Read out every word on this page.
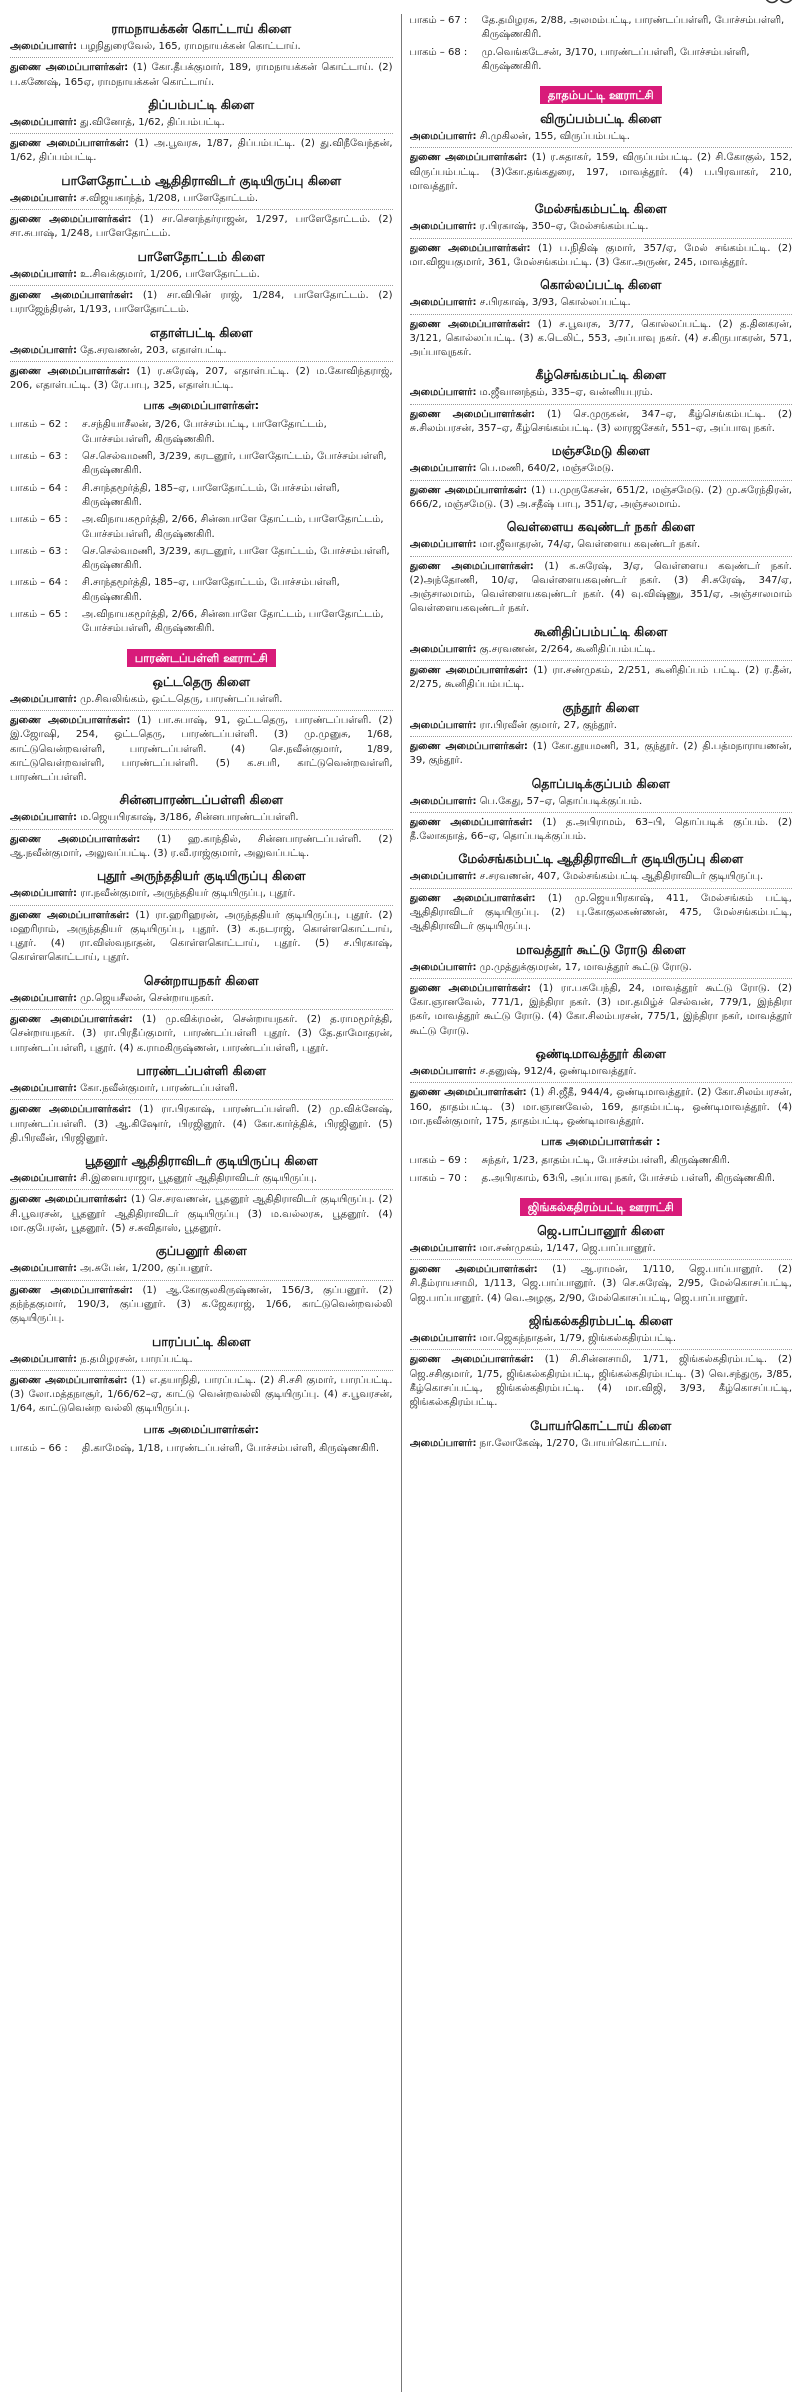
ராமநாயக்கன் கொட்டாய் கிளை

அமைப்பாளர்: பழநிதுரைவேல், 165, ராமநாயக்கன் கொட்டாய்.

துணை அமைப்பாளர்கள்: (1) கோ.தீபக்குமார், 189, ராமநாயக்கன் கொட்டாய். (2) ப.கணேஷ், 165ஏ, ராமநாயக்கன் கொட்டாய்.

திப்பம்பட்டி கிளை

அமைப்பாளர்: து.வினோத், 1/62, திப்பம்பட்டி.

துணை அமைப்பாளர்கள்: (1) அ.பூவரசு, 1/87, திப்பம்பட்டி. (2) து.விநீவேந்தன், 1/62, திப்பம்பட்டி.

பாளேதோட்டம் ஆதிதிராவிடர் குடியிருப்பு கிளை

அமைப்பாளர்: ச.விஜயகாந்த், 1/208, பாளேதோட்டம்.

துணை அமைப்பாளர்கள்: (1) சா.சௌந்தர்ராஜன், 1/297, பாளேதோட்டம். (2) சா.சுபாஷ், 1/248, பாளேதோட்டம்.

பாளேதோட்டம் கிளை

அமைப்பாளர்: உ.சிவக்குமார், 1/206, பாளேதோட்டம்.

துணை அமைப்பாளர்கள்: (1) சா.விபின் ராஜ், 1/284, பாளேதோட்டம். (2) பராஜேந்திரன், 1/193, பாளேதோட்டம்.

எதாள்பட்டி கிளை

அமைப்பாளர்: தே.சரவணன், 203, எதாள்பட்டி.

துணை அமைப்பாளர்கள்: (1) ர.சுரேஷ், 207, எதாள்பட்டி. (2) ம.கோவிந்தராஜ், 206, எதாள்பட்டி. (3) ரே.பாபு, 325, எதாள்பட்டி.

பாக அமைப்பாளர்கள்:
பாகம் – 62 :	ச.சந்தியாசீலன், 3/26, போச்சம்பட்டி, பாளேதோட்டம், போச்சம்பள்ளி, கிருஷ்ணகிரி.
பாகம் – 63 :	செ.செல்வமணி, 3/239, கரடனூர், பாளேதோட்டம், போச்சம்பள்ளி, கிருஷ்ணகிரி.
பாகம் – 64 :	சி.சாந்தமூர்த்தி, 185–ஏ, பாளேதோட்டம், போச்சம்பள்ளி, கிருஷ்ணகிரி.
பாகம் – 65 :	அ.விநாயகமூர்த்தி, 2/66, சின்னபாளே தோட்டம், பாளேதோட்டம், போச்சம்பள்ளி, கிருஷ்ணகிரி.
பாகம் – 63 :	செ.செல்வமணி, 3/239, கரடனூர், பாளே தோட்டம், போச்சம்பள்ளி, கிருஷ்ணகிரி.
பாகம் – 64 :	சி.சாந்தமூர்த்தி, 185–ஏ, பாளேதோட்டம், போச்சம்பள்ளி, கிருஷ்ணகிரி.
பாகம் – 65 :	அ.விநாயகமூர்த்தி, 2/66, சின்னபாளே தோட்டம், பாளேதோட்டம், போச்சம்பள்ளி, கிருஷ்ணகிரி.
பாரண்டப்பள்ளி ஊராட்சி
ஒட்டதெரு கிளை

அமைப்பாளர்: மு.சிவலிங்கம், ஒட்டதெரு, பாரண்டப்பள்ளி.

துணை அமைப்பாளர்கள்: (1) பா.சுபாஷ், 91, ஒட்டதெரு, பாரண்டப்பள்ளி. (2) இ.ஜோஷி, 254, ஒட்டதெரு, பாரண்டப்பள்ளி. (3) மு.முனுசு, 1/68, காட்டுவென்றவள்ளி, பாரண்டப்பள்ளி. (4) செ.நவீன்குமார், 1/89, காட்டுவெள்றவள்ளி, பாரண்டப்பள்ளி. (5) க.சபரி, காட்டுவென்றவள்ளி, பாரண்டப்பள்ளி.

சின்னபாரண்டப்பள்ளி கிளை

அமைப்பாளர்: ம.ஜெயபிரகாஷ், 3/186, சின்னபாரண்டப்பள்ளி.

துணை அமைப்பாளர்கள்: (1) ஹ.காந்தில், சின்னபாரண்டப்பள்ளி. (2) ஆ.நவீன்குமார், அலுவப்பட்டி. (3) ர.வீ.ராஜ்குமார், அலுவப்பட்டி.

புதூர் அருந்ததியர் குடியிருப்பு கிளை

அமைப்பாளர்: ரா.நவீன்குமார், அருந்ததியர் குடியிருப்பு, புதூர்.

துணை அமைப்பாளர்கள்: (1) ரா.ஹரிஹரன், அருந்ததியர் குடியிருப்பு, புதூர். (2) மஹரிராம், அருந்ததியர் குடியிருப்பு, புதூர். (3) க.நடராஜ், கொள்ளகொட்டாய், புதூர். (4) ரா.விஸ்வநாதன், கொள்ளகொட்டாய், புதூர். (5) ச.பிரகாஷ், கொள்ளகொட்டாய், புதூர்.

சென்றாயநகர் கிளை

அமைப்பாளர்: மு.ஜெயசீலன், சென்றாயநகர்.

துணை அமைப்பாளர்கள்: (1) மு.விக்ரமன், சென்றாயநகர். (2) த.ராமமூர்த்தி, சென்றாயநகர். (3) ரா.பிரதீப்குமார், பாரண்டப்பள்ளி புதூர். (3) தே.தாமோதரன், பாரண்டப்பள்ளி, புதூர். (4) க.ராமகிருஷ்ணன், பாரண்டப்பள்ளி, புதூர்.

பாரண்டப்பள்ளி கிளை

அமைப்பாளர்: கோ.நவீன்குமார், பாரண்டப்பள்ளி.

துணை அமைப்பாளர்கள்: (1) ரா.பிரகாஷ், பாரண்டப்பள்ளி. (2) மு.விக்னேஷ், பாரண்டப்பள்ளி. (3) ஆ.கிஷோர், பிரஜினூர். (4) கோ.கார்த்திக், பிரஜினூர். (5) தி.பிரவீன், பிரஜினூர்.

பூதனூர் ஆதிதிராவிடர் குடியிருப்பு கிளை

அமைப்பாளர்: சி.இளையராஜா, பூதனூர் ஆதிதிராவிடர் குடியிருப்பு.

துணை அமைப்பாளர்கள்: (1) செ.சரவணன், பூதனூர் ஆதிதிராவிடர் குடியிருப்பு. (2) சி.பூவரசன், பூதனூர் ஆதிதிராவிடர் குடியிருப்பு (3) ம.வல்லரசு, பூதனூர். (4) மா.குபேரன், பூதனூர். (5) ச.சுவிதாஸ், பூதனூர்.

குப்பனூர் கிளை

அமைப்பாளர்: அ.சுபேன், 1/200, குப்பனூர்.

துணை அமைப்பாளர்கள்: (1) ஆ.கோகுலகிருஷ்ணன், 156/3, குப்பனூர். (2) தந்ந்தகுமார், 190/3, குப்பனூர். (3) க.ஜேகராஜ், 1/66, காட்டுவென்றவல்லி குடியிருப்பு.

பாரப்பட்டி கிளை

அமைப்பாளர்: ந.தமிழரசன், பாரப்பட்டி.

துணை அமைப்பாளர்கள்: (1) எ.தயாநிதி, பாரப்பட்டி. (2) சி.சசி குமார், பாரப்பட்டி. (3) லோ.மத்தநாசூர், 1/66/62–ஏ, காட்டு வென்றவல்லி குடியிருப்பு. (4) ச.பூவரசன், 1/64, காட்டுவென்ற வல்லி குடியிருப்பு.

பாக அமைப்பாளர்கள்:
பாகம் – 66 :	தி.காமேஷ், 1/18, பாரண்டப்பள்ளி, போச்சம்பள்ளி, கிருஷ்ணகிரி.
பாகம் – 67 :	தே.தமிழரசு, 2/88, அலமம்பட்டி, பாரண்டப்பள்ளி, போச்சம்பள்ளி, கிருஷ்ணகிரி.
பாகம் – 68 :	மு.வெங்கடேசன், 3/170, பாரண்டப்பள்ளி, போச்சம்பள்ளி, கிருஷ்ணகிரி.
தாதம்பட்டி ஊராட்சி
விருப்பம்பட்டி கிளை

அமைப்பாளர்: சி.முகிலன், 155, விருப்பம்பட்டி.

துணை அமைப்பாளர்கள்: (1) ர.சுதாகர், 159, விருப்பம்பட்டி. (2) சி.கோகுல், 152, விருப்பம்பட்டி. (3)கோ.தங்கதுரை, 197, மாவத்தூர். (4) ப.பிரவாகர், 210, மாவத்தூர்.

மேல்சங்கம்பட்டி கிளை

அமைப்பாளர்: ர.பிரகாஷ், 350–ஏ, மேல்சங்கம்பட்டி.

துணை அமைப்பாளர்கள்: (1) ப.நிதிஷ் குமார், 357/ஏ, மேல் சங்கம்பட்டி. (2) மா.விஜயகுமார், 361, மேல்சங்கம்பட்டி. (3) கோ.அருண், 245, மாவத்தூர்.

கொல்லப்பட்டி கிளை

அமைப்பாளர்: ச.பிரகாஷ், 3/93, கொல்லப்பட்டி.

துணை அமைப்பாளர்கள்: (1) ச.பூவரசு, 3/77, கொல்லப்பட்டி. (2) த.தினகரன், 3/121, கொல்லப்பட்டி. (3) க.டெலிட், 553, அப்பாவு நகர். (4) ச.கிருபாகரன், 571, அப்பாவுநகர்.

கீழ்செங்கம்பட்டி கிளை

அமைப்பாளர்: ம.ஜீவானந்தம், 335–ஏ, வன்னியபுரம்.

துணை அமைப்பாளர்கள்: (1) செ.முருகன், 347–ஏ, கீழ்செங்கம்பட்டி. (2) சு.சிலம்பரசன், 357–ஏ, கீழ்செங்கம்பட்டி. (3) லாரஜசேகர், 551–ஏ, அப்பாவு நகர்.

மஞ்சமேடு கிளை

அமைப்பாளர்: பெ.மணி, 640/2, மஞ்சமேடு.

துணை அமைப்பாளர்கள்: (1) ப.முருகேசன், 651/2, மஞ்சமேடு. (2) மு.சுரேந்திரன், 666/2, மஞ்சமேடு. (3) அ.சதீஷ் பாபு, 351/ஏ, அஞ்சலமாம்.

வெள்ளைய கவுண்டர் நகர் கிளை

அமைப்பாளர்: மா.ஜீவாதரன், 74/ஏ, வெள்ளைய கவுண்டர் நகர்.

துணை அமைப்பாளர்கள்: (1) க.சுரேஷ், 3/ஏ, வெள்ளைய கவுண்டர் நகர். (2)அந்தோணி, 10/ஏ, வெள்ளையகவுண்டர் நகர். (3) சி.சுரேஷ், 347/ஏ, அஞ்சாலமாம், வெள்ளையகவுண்டர் நகர். (4) வு.விஷ்ணு, 351/ஏ, அஞ்சாலமாம் வெள்ளையகவுண்டர் நகர்.

கூனிதிப்பம்பட்டி கிளை

அமைப்பாளர்: கு.சரவணன், 2/264, கூனிதிப்பம்பட்டி.

துணை அமைப்பாளர்கள்: (1) ரா.சண்முகம், 2/251, கூனிதிப்பம் பட்டி. (2) ர.தீன், 2/275, கூனிதிப்பம்பட்டி.

குந்தூர் கிளை

அமைப்பாளர்: ரா.பிரவீன் குமார், 27, குந்தூர்.

துணை அமைப்பாளர்கள்: (1) கோ.தூயமணி, 31, குந்தூர். (2) தி.பத்மநாராயணன், 39, குந்தூர்.

தொப்படிக்குப்பம் கிளை

அமைப்பாளர்: பெ.கேது, 57–ஏ, தொப்படிக்குப்பம்.

துணை அமைப்பாளர்கள்: (1) த.அபிராமம், 63–பி, தொப்படிக் குப்பம். (2) தீ.லோகநாத், 66–ஏ, தொப்படிக்குப்பம்.

மேல்சங்கம்பட்டி ஆதிதிராவிடர் குடியிருப்பு கிளை

அமைப்பாளர்: ச.சரவணன், 407, மேல்சங்கம்பட்டி ஆதிதிராவிடர் குடியிருப்பு.

துணை அமைப்பாளர்கள்: (1) மு.ஜெயபிரகாஷ், 411, மேல்சங்கம் பட்டி, ஆதிதிராவிடர் குடியிருப்பு. (2) பு.கோகுலகண்ணன், 475, மேல்சங்கம்பட்டி, ஆதிதிராவிடர் குடியிருப்பு.

மாவத்தூர் கூட்டு ரோடு கிளை

அமைப்பாளர்: மு.முத்துக்குமரன், 17, மாவத்தூர் கூட்டு ரோடு.

துணை அமைப்பாளர்கள்: (1) ரா.பசுபேந்தி, 24, மாவத்தூர் கூட்டு ரோடு. (2) கோ.ஞானவேல், 771/1, இந்திரா நகர். (3) மா.தமிழ்ச் செல்வன், 779/1, இந்திரா நகர், மாவத்தூர் கூட்டு ரோடு. (4) கோ.சிலம்பரசன், 775/1, இந்திரா நகர், மாவத்தூர் கூட்டு ரோடு.

ஒண்டிமாவத்தூர் கிளை

அமைப்பாளர்: ச.தனுஷ், 912/4, ஒண்டிமாவத்தூர்.

துணை அமைப்பாளர்கள்: (1) சி.ஜீதீ, 944/4, ஒண்டிமாவத்தூர். (2) கோ.சிலம்பரசன், 160, தாதம்பட்டி. (3) மா.ஞானவேல், 169, தாதம்பட்டி, ஒண்டிமாவத்தூர். (4) மா.நவீன்குமார், 175, தாதம்பட்டி, ஒண்டிமாவத்தூர்.

பாக அமைப்பாளர்கள் :
பாகம் – 69 :	சுந்தர், 1/23, தாதம்பட்டி, போச்சம்பள்ளி, கிருஷ்ணகிரி.
பாகம் – 70 :	த.அபிரகாம், 63பி, அப்பாவு நகர், போச்சம் பள்ளி, கிருஷ்ணகிரி.
ஜிங்கல்கதிரம்பட்டி ஊராட்சி
ஜெ.பாப்பானூர் கிளை

அமைப்பாளர்: மா.சண்முகம், 1/147, ஜெ.பாப்பானூர்.

துணை அமைப்பாளர்கள்: (1) ஆ.ராமன், 1/110, ஜெ.பாப்பானூர். (2) சி.தீம்ராயசாமி, 1/113, ஜெ.பாப்பானூர். (3) செ.சுரேஷ், 2/95, மேல்கொசப்பட்டி, ஜெ.பாப்பானூர். (4) வெ.அழகு, 2/90, மேல்கொசப்பட்டி, ஜெ.பாப்பானூர்.

ஜிங்கல்கதிரம்பட்டி கிளை

அமைப்பாளர்: மா.ஜெகந்நாதன், 1/79, ஜிங்கல்கதிரம்பட்டி.

துணை அமைப்பாளர்கள்: (1) சி.சின்னசாமி, 1/71, ஜிங்கல்கதிரம்பட்டி. (2) ஜெ.சசிகுமார், 1/75, ஜிங்கல்கதிரம்பட்டி, ஜிங்கல்கதிரம்பட்டி. (3) வெ.சந்துரு, 3/85, கீழ்கொசப்பட்டி, ஜிங்கல்கதிரம்பட்டி. (4) மா.விஜி, 3/93, கீழ்கொசப்பட்டி, ஜிங்கல்கதிரம்பட்டி.

போயர்கொட்டாய் கிளை

அமைப்பாளர்: நா.லோகேஷ், 1/270, போயர்கொட்டாய்.
